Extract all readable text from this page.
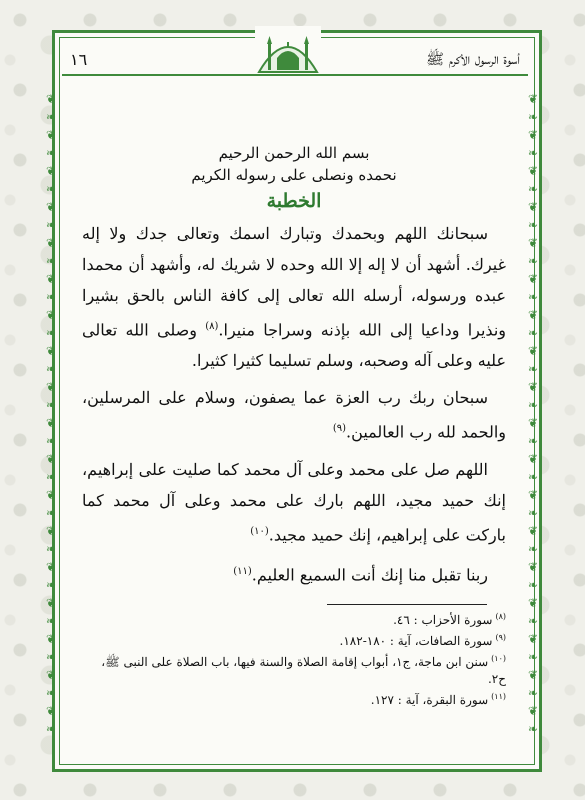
❦
❧
❦
❧
❦
❧
❦
❧
❦
❧
❦
❧
❦
❧
❦
❧
❦
❧
❦
❧
❦
❧
❦
❧
❦
❧
❦
❧
❦
❧
❦
❧
❦
❧
❦
❧
❦
❧
❦
❧
❦
❧
❦
❧
❦
❧
❦
❧
❦
❧
❦
❧
❦
❧
❦
❧
❦
❧
❦
❧
❦
❧
❦
❧
❦
❧
❦
❧
❦
❧
❦
❧
أسوة الرسول الأكرم ﷺ
١٦
بسم الله الرحمن الرحيم
نحمده ونصلى على رسوله الكريم
الخطبة

سبحانك اللهم وبحمدك وتبارك اسمك وتعالى جدك ولا إله غيرك. أشهد أن لا إله إلا الله وحده لا شريك له، وأشهد أن محمدا عبده ورسوله، أرسله الله تعالى إلى كافة الناس بالحق بشيرا ونذيرا وداعيا إلى الله بإذنه وسراجا منيرا.$^{(٨)}$ وصلى الله تعالى عليه وعلى آله وصحبه، وسلم تسليما كثيرا كثيرا.

سبحان ربك رب العزة عما يصفون، وسلام على المرسلين، والحمد لله رب العالمين.$^{(٩)}$

اللهم صل على محمد وعلى آل محمد كما صليت على إبراهيم، إنك حميد مجيد، اللهم بارك على محمد وعلى آل محمد كما باركت على إبراهيم، إنك حميد مجيد.$^{(١٠)}$

ربنا تقبل منا إنك أنت السميع العليم.$^{(١١)}$

$^{(٨)}$سورة الأحزاب : ٤٦.

$^{(٩)}$سورة الصافات، آية : ١٨٠-١٨٢.

$^{(١٠)}$سنن ابن ماجة، ج١، أبواب إقامة الصلاة والسنة فيها، باب الصلاة على النبى ﷺ، ح٢.

$^{(١١)}$سورة البقرة، آية : ١٢٧.
